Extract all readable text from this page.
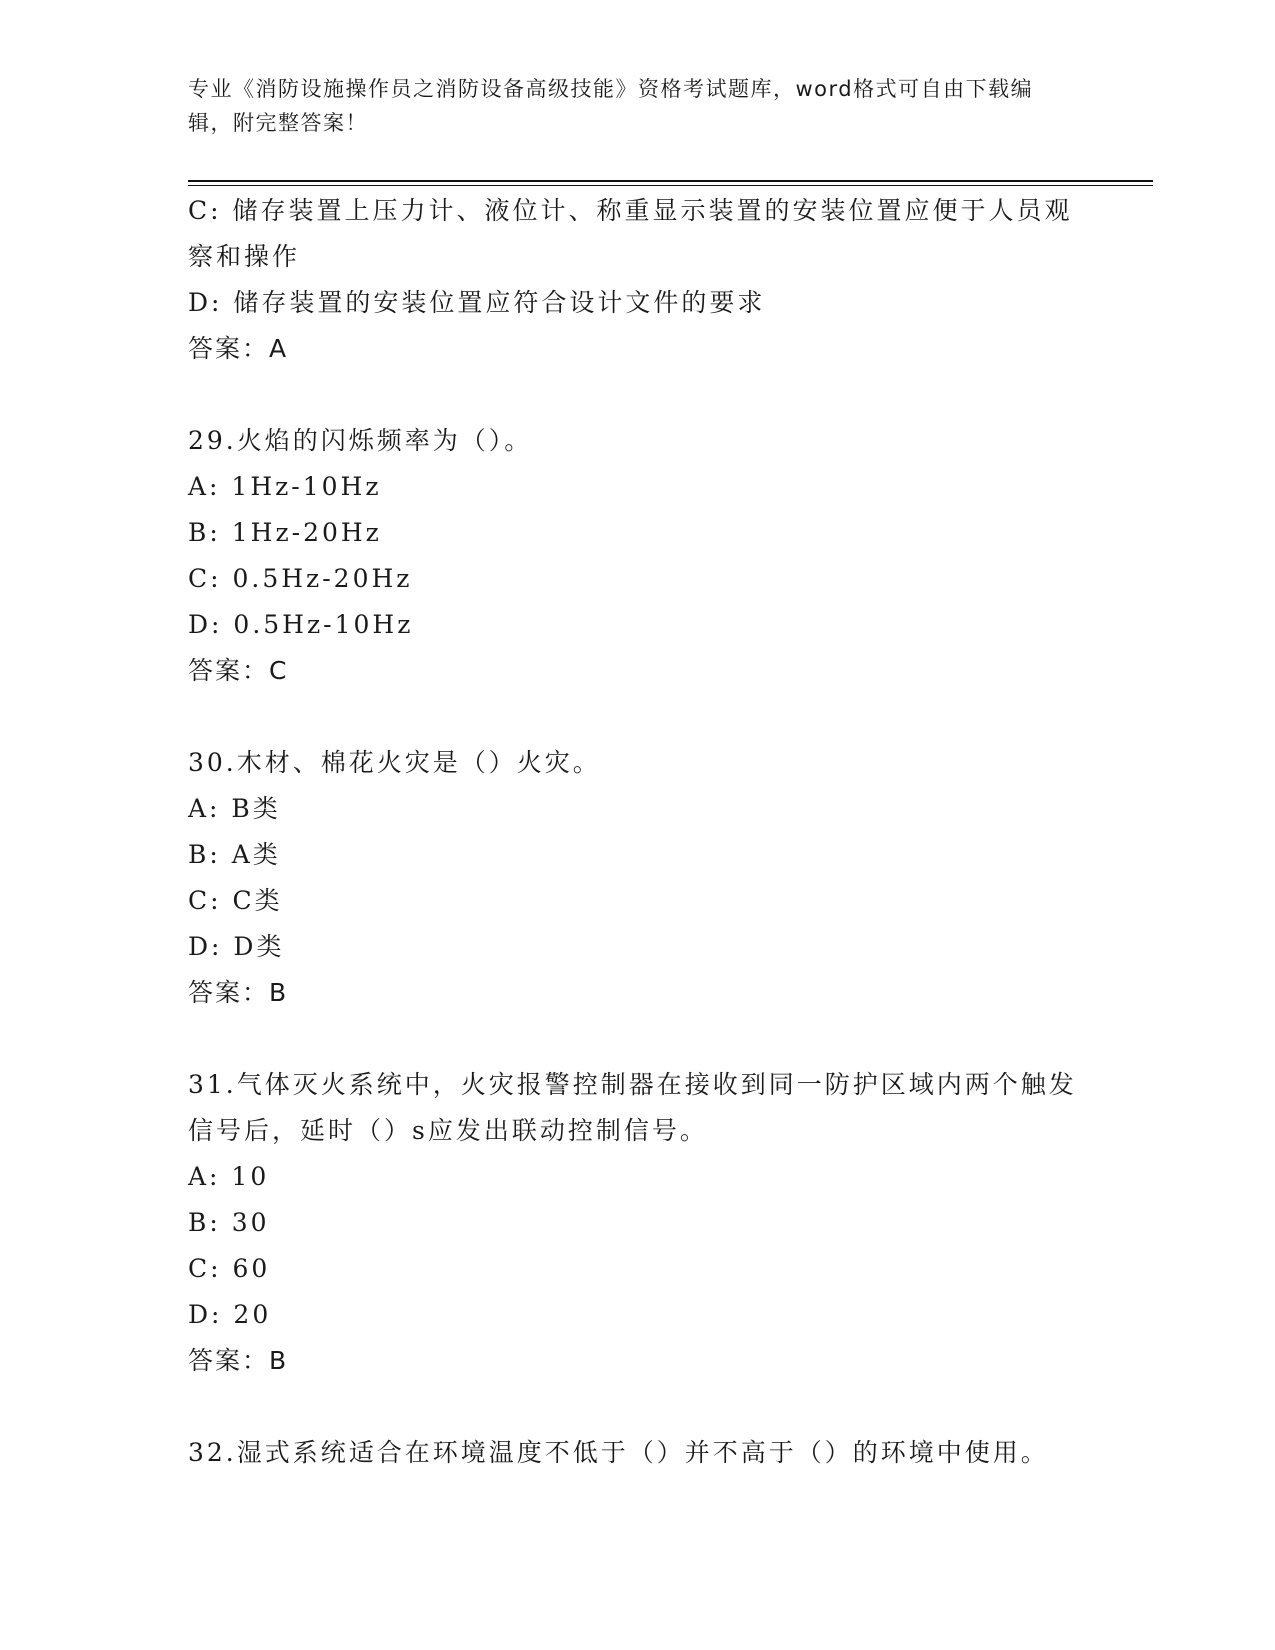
专业《消防设施操作员之消防设备高级技能》资格考试题库，word格式可自由下载编辑，附完整答案！

C: 储存装置上压力计、液位计、称重显示装置的安装位置应便于人员观察和操作

D: 储存装置的安装位置应符合设计文件的要求

答案：A

29.火焰的闪烁频率为（）。

A: 1Hz-10Hz

B: 1Hz-20Hz

C: 0.5Hz-20Hz

D: 0.5Hz-10Hz

答案：C

30.木材、棉花火灾是（）火灾。

A: B类

B: A类

C: C类

D: D类

答案：B

31.气体灭火系统中，火灾报警控制器在接收到同一防护区域内两个触发信号后，延时（）s应发出联动控制信号。

A: 10

B: 30

C: 60

D: 20

答案：B

32.湿式系统适合在环境温度不低于（）并不高于（）的环境中使用。
